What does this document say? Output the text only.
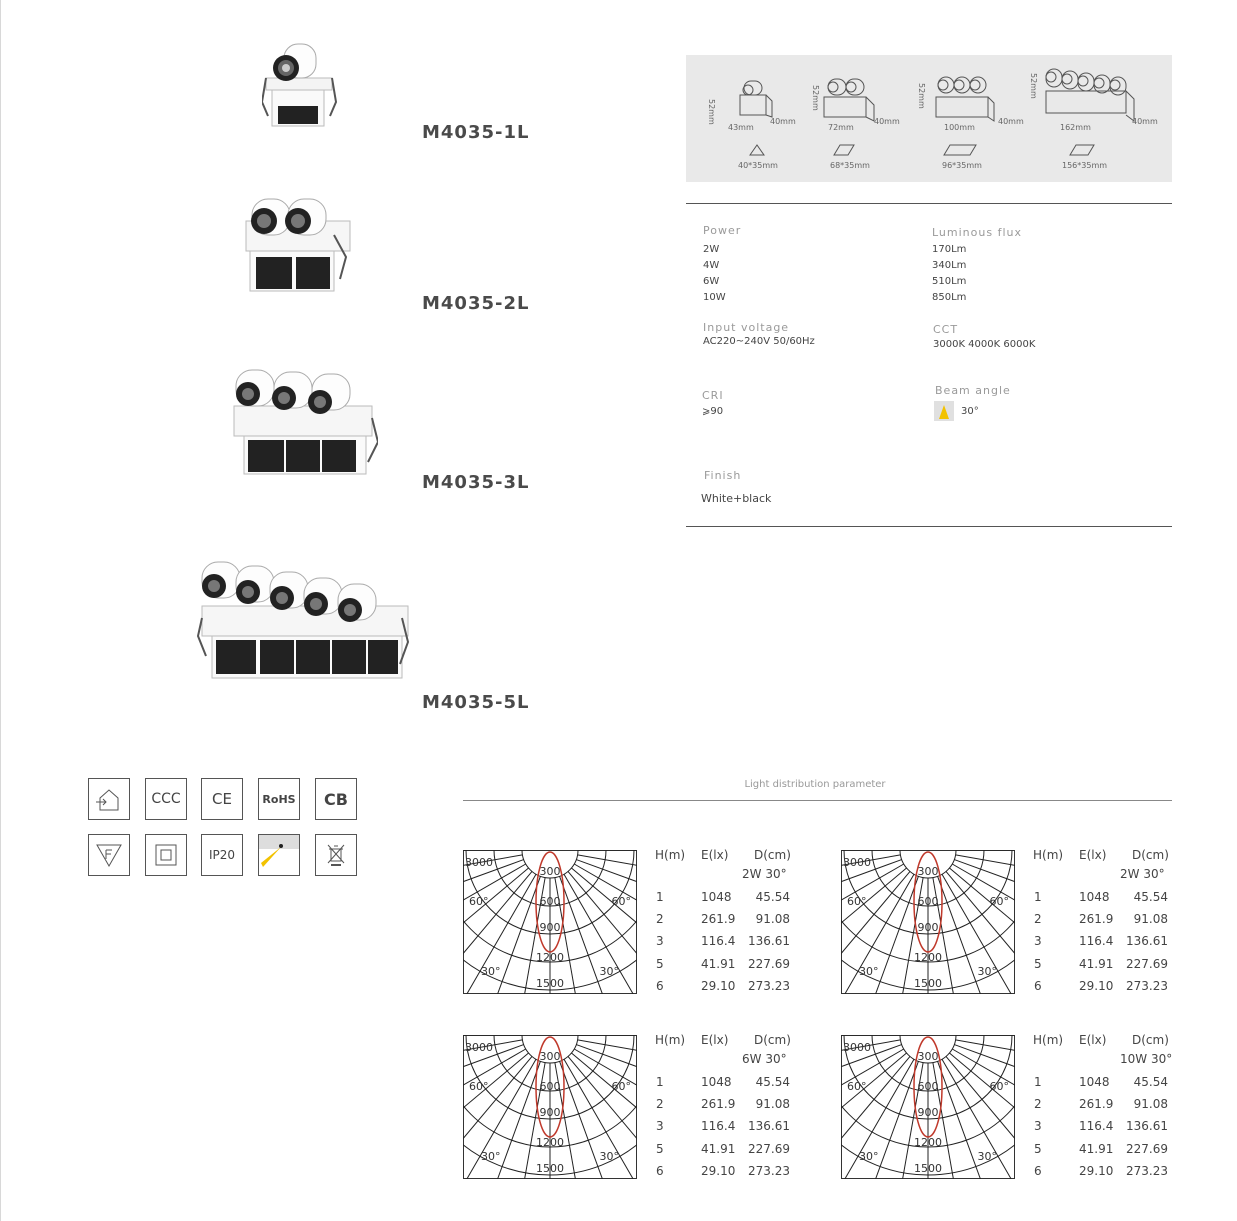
M4035-1L
M4035-2L
M4035-3L
M4035-5L
52mm
43mm
40mm
40*35mm
52mm
72mm
40mm
68*35mm
52mm
100mm
40mm
96*35mm
52mm
162mm
40mm
156*35mm
Power
2W
4W
6W
10W
Luminous flux
170Lm
340Lm
510Lm
850Lm
Input voltage
AC220~240V 50/60Hz
CCT
3000K 4000K 6000K
CRI
⩾90
Beam angle
30°
Finish
White+black
CCC	CE	RoHS	CB
IP20
Light distribution parameter
3000
300
600
900
1200
1500
60°	60°
30°	30°
3000
300
600
900
1200
1500
60°	60°
30°	30°
3000
300
600
900
1200
1500
60°	60°
30°	30°
3000
300
600
900
1200
1500
60°	60°
30°	30°
H(m) E(lx) D(cm)
2W 30°
1	1048	45.54
2	261.9	91.08
3	116.4	136.61
5	41.91	227.69
6	29.10	273.23
H(m) E(lx) D(cm)
2W 30°
1	1048	45.54
2	261.9	91.08
3	116.4	136.61
5	41.91	227.69
6	29.10	273.23
H(m) E(lx) D(cm)
6W 30°
1	1048	45.54
2	261.9	91.08
3	116.4	136.61
5	41.91	227.69
6	29.10	273.23
H(m) E(lx) D(cm)
10W 30°
1	1048	45.54
2	261.9	91.08
3	116.4	136.61
5	41.91	227.69
6	29.10	273.23
